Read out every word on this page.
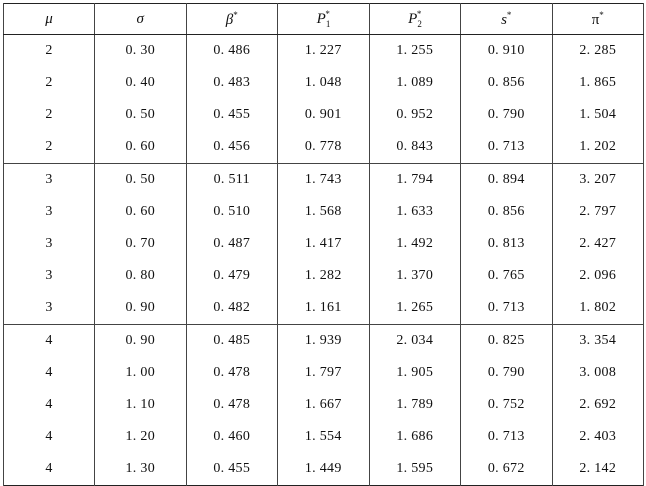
μ	σ	β*	$P_1^*$	$P_2^*$	s*	π*
2	0. 30	0. 486	1. 227	1. 255	0. 910	2. 285
2	0. 40	0. 483	1. 048	1. 089	0. 856	1. 865
2	0. 50	0. 455	0. 901	0. 952	0. 790	1. 504
2	0. 60	0. 456	0. 778	0. 843	0. 713	1. 202
3	0. 50	0. 511	1. 743	1. 794	0. 894	3. 207
3	0. 60	0. 510	1. 568	1. 633	0. 856	2. 797
3	0. 70	0. 487	1. 417	1. 492	0. 813	2. 427
3	0. 80	0. 479	1. 282	1. 370	0. 765	2. 096
3	0. 90	0. 482	1. 161	1. 265	0. 713	1. 802
4	0. 90	0. 485	1. 939	2. 034	0. 825	3. 354
4	1. 00	0. 478	1. 797	1. 905	0. 790	3. 008
4	1. 10	0. 478	1. 667	1. 789	0. 752	2. 692
4	1. 20	0. 460	1. 554	1. 686	0. 713	2. 403
4	1. 30	0. 455	1. 449	1. 595	0. 672	2. 142
